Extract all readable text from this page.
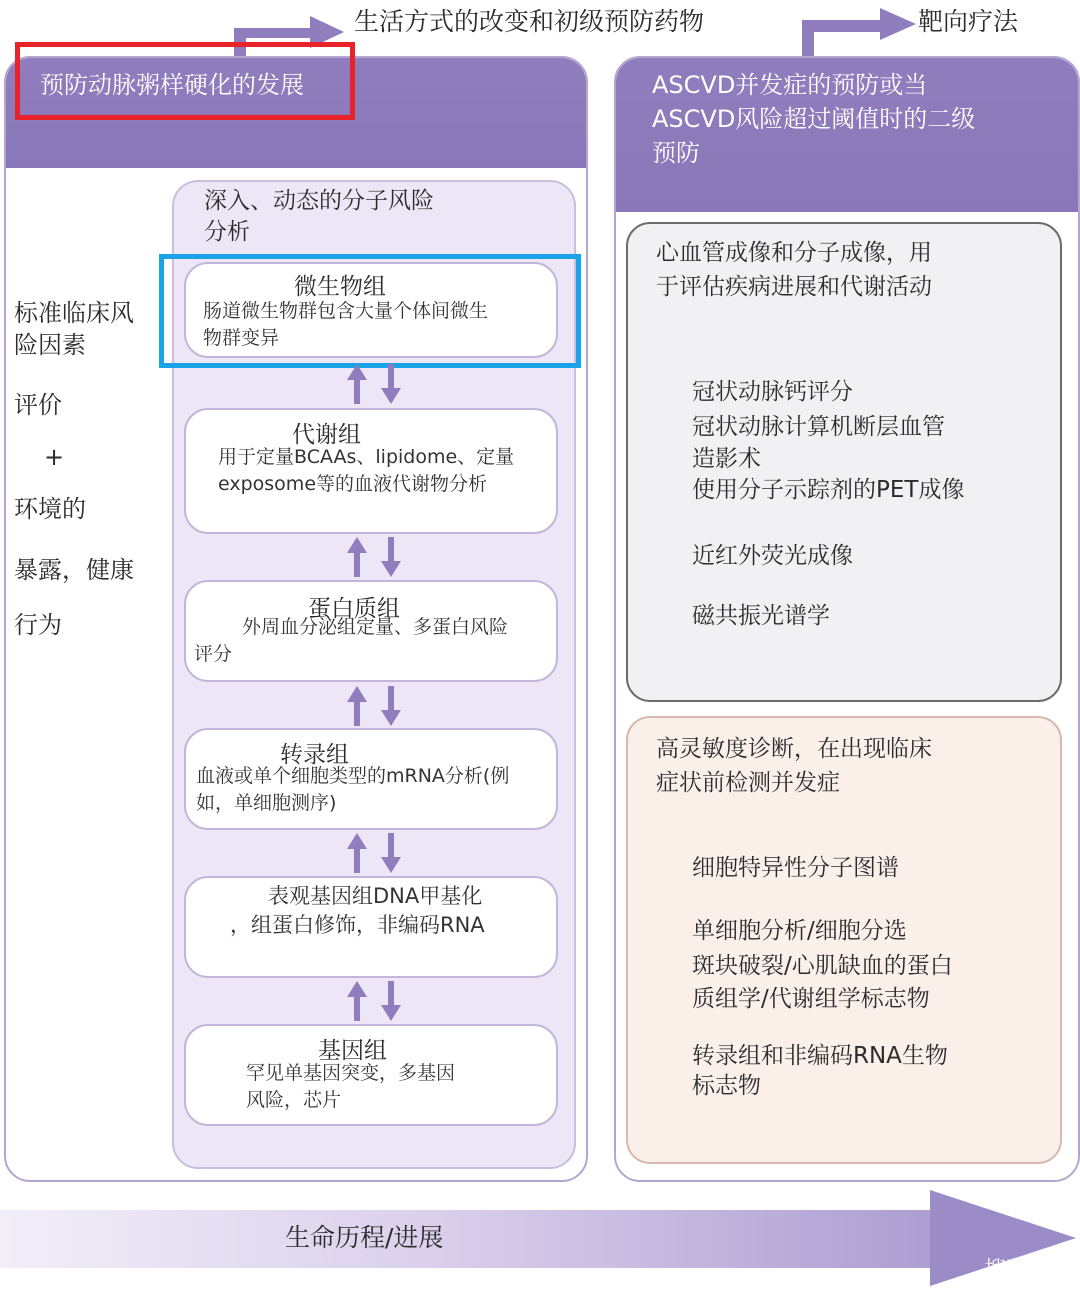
生活方式的改变和初级预防药物	靶向疗法
预防动脉粥样硬化的发展
标准临床风
险因素
评价
+
环境的
暴露，健康
行为
深入、动态的分子风险
分析
微生物组
肠道微生物群包含大量个体间微生
物群变异
代谢组
用于定量BCAAs、lipidome、定量
exposome等的血液代谢物分析
蛋白质组
外周血分泌组定量、多蛋白风险
评分
转录组
血液或单个细胞类型的mRNA分析(例
如，单细胞测序)
表观基因组DNA甲基化
，组蛋白修饰，非编码RNA
基因组
罕见单基因突变，多基因
风险，芯片
ASCVD并发症的预防或当
ASCVD风险超过阈值时的二级
预防
心血管成像和分子成像，用
于评估疾病进展和代谢活动
冠状动脉钙评分
冠状动脉计算机断层血管
造影术
使用分子示踪剂的PET成像
近红外荧光成像
磁共振光谱学
高灵敏度诊断，在出现临床
症状前检测并发症
细胞特异性分子图谱
单细胞分析/细胞分选
斑块破裂/心肌缺血的蛋白
质组学/代谢组学标志物
转录组和非编码RNA生物
标志物
生命历程/进展
搜狗翻译
